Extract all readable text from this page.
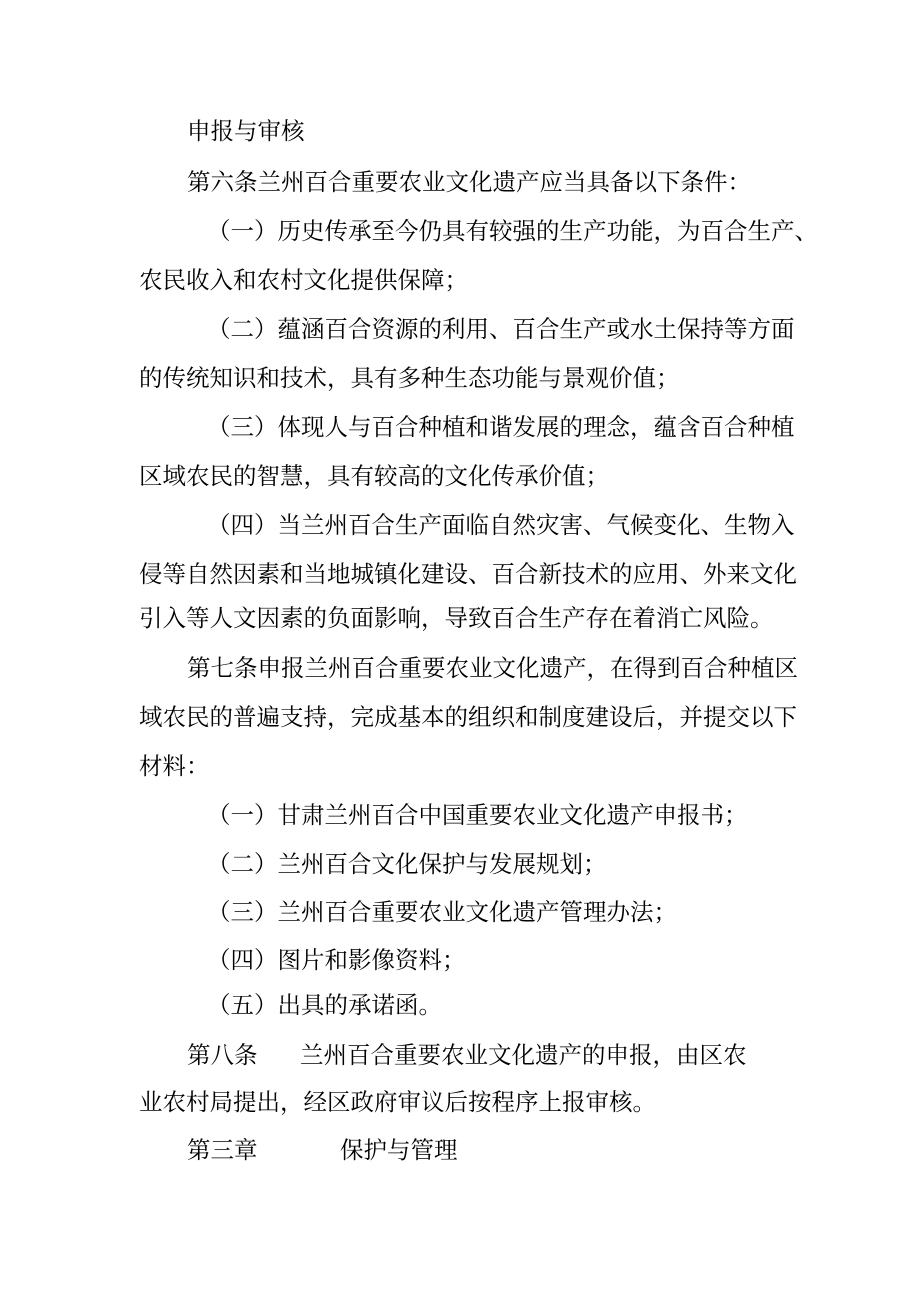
申报与审核

第六条兰州百合重要农业文化遗产应当具备以下条件：

（一）历史传承至今仍具有较强的生产功能，为百合生产、

农民收入和农村文化提供保障；

（二）蕴涵百合资源的利用、百合生产或水土保持等方面

的传统知识和技术，具有多种生态功能与景观价值；

（三）体现人与百合种植和谐发展的理念，蕴含百合种植

区域农民的智慧，具有较高的文化传承价值；

（四）当兰州百合生产面临自然灾害、气候变化、生物入

侵等自然因素和当地城镇化建设、百合新技术的应用、外来文化

引入等人文因素的负面影响，导致百合生产存在着消亡风险。

第七条申报兰州百合重要农业文化遗产，在得到百合种植区

域农民的普遍支持，完成基本的组织和制度建设后，并提交以下

材料：

（一）甘肃兰州百合中国重要农业文化遗产申报书；

（二）兰州百合文化保护与发展规划；

（三）兰州百合重要农业文化遗产管理办法；

（四）图片和影像资料；

（五）出具的承诺函。

第八条 兰州百合重要农业文化遗产的申报，由区农

业农村局提出，经区政府审议后按程序上报审核。

第三章	保护与管理
